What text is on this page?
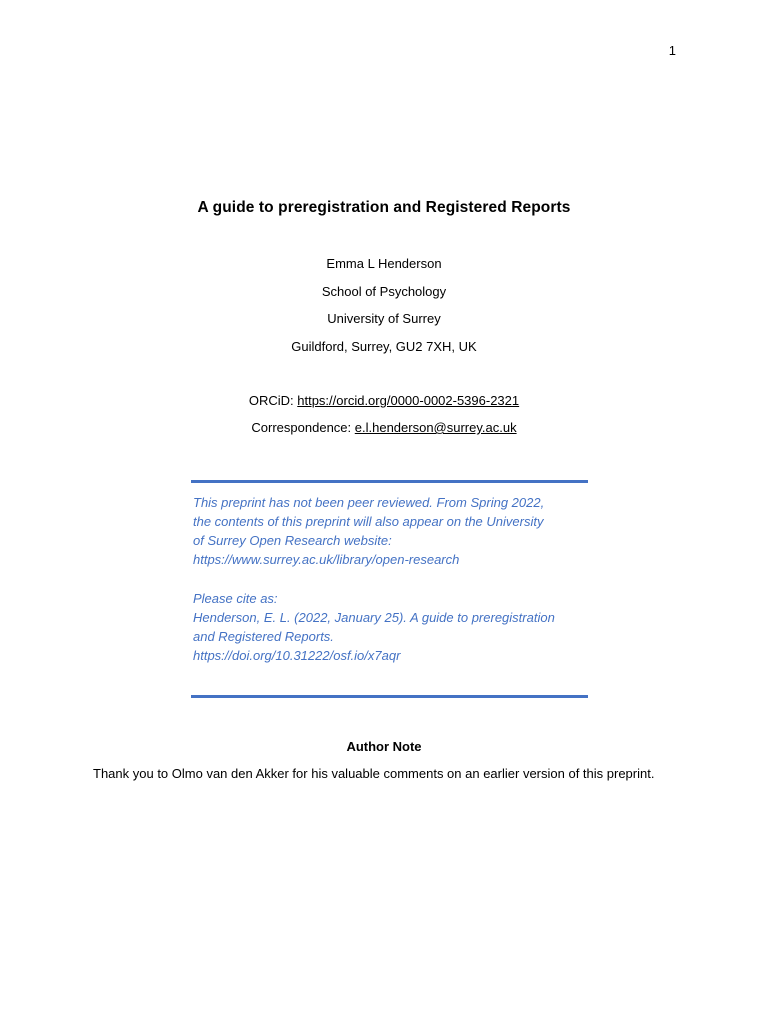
1
A guide to preregistration and Registered Reports
Emma L Henderson
School of Psychology
University of Surrey
Guildford, Surrey, GU2 7XH, UK
ORCiD: https://orcid.org/0000-0002-5396-2321
Correspondence: e.l.henderson@surrey.ac.uk
This preprint has not been peer reviewed. From Spring 2022,
the contents of this preprint will also appear on the University
of Surrey Open Research website:
https://www.surrey.ac.uk/library/open-research
Please cite as:
Henderson, E. L. (2022, January 25). A guide to preregistration
and Registered Reports.
https://doi.org/10.31222/osf.io/x7aqr
Author Note
Thank you to Olmo van den Akker for his valuable comments on an earlier version of this preprint.
